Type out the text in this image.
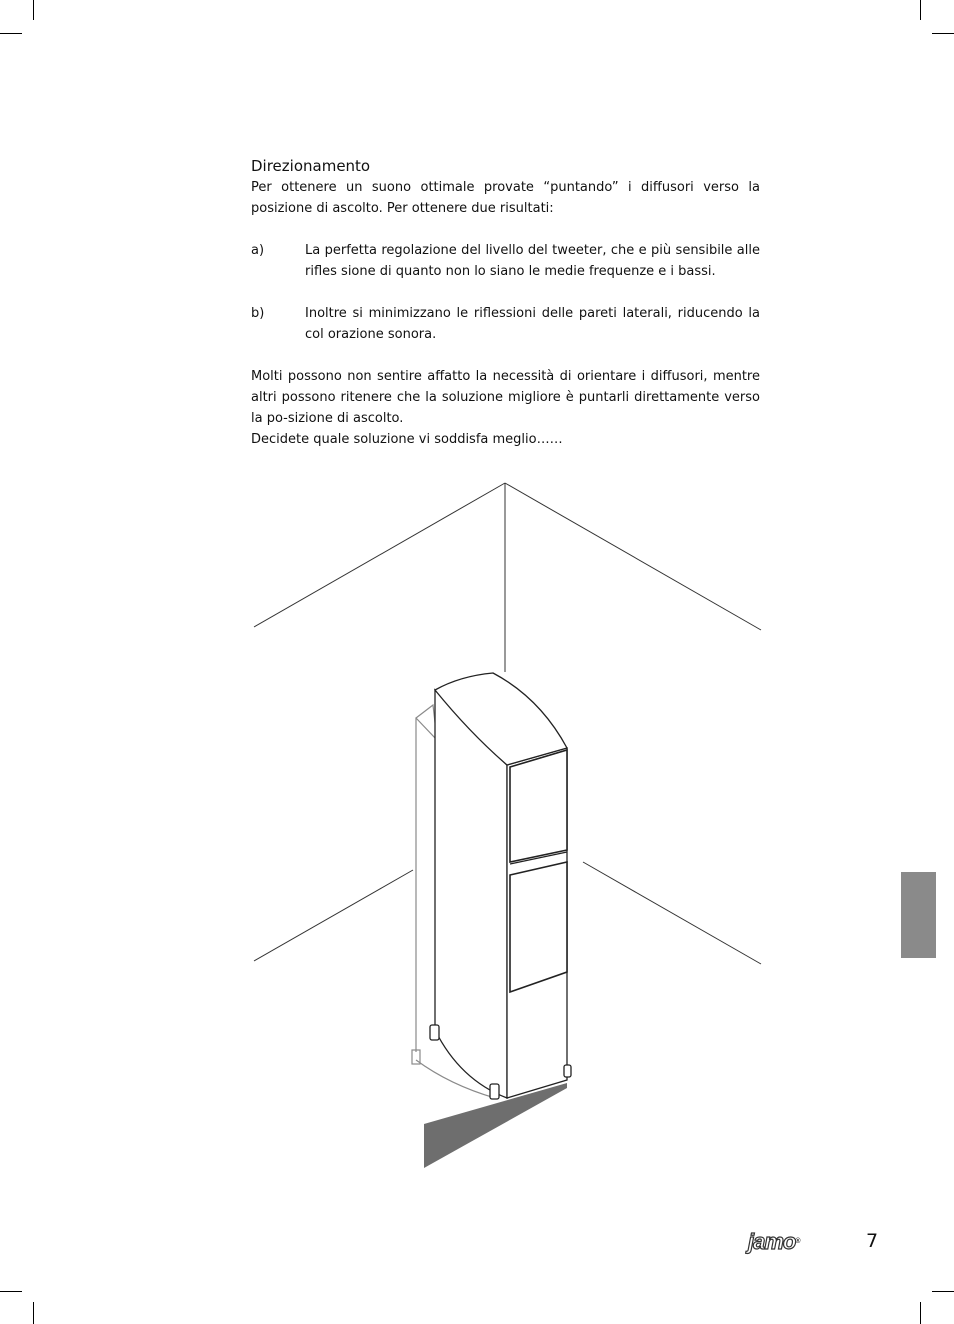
Direzionamento

Per ottenere un suono ottimale provate “puntando” i diffusori verso la posizione di ascolto. Per ottenere due risultati:

a)	La perfetta regolazione del livello del tweeter, che e più sensibile alle rifles sione di quanto non lo siano le medie frequenze e i bassi.
b)	Inoltre si minimizzano le riflessioni delle pareti laterali, riducendo la col orazione sonora.

Molti possono non sentire affatto la necessità di orientare i diffusori, mentre altri possono ritenere che la soluzione migliore è puntarli direttamente verso la po-sizione di ascolto.

Decidete quale soluzione vi soddisfa meglio……

jamo®	7
